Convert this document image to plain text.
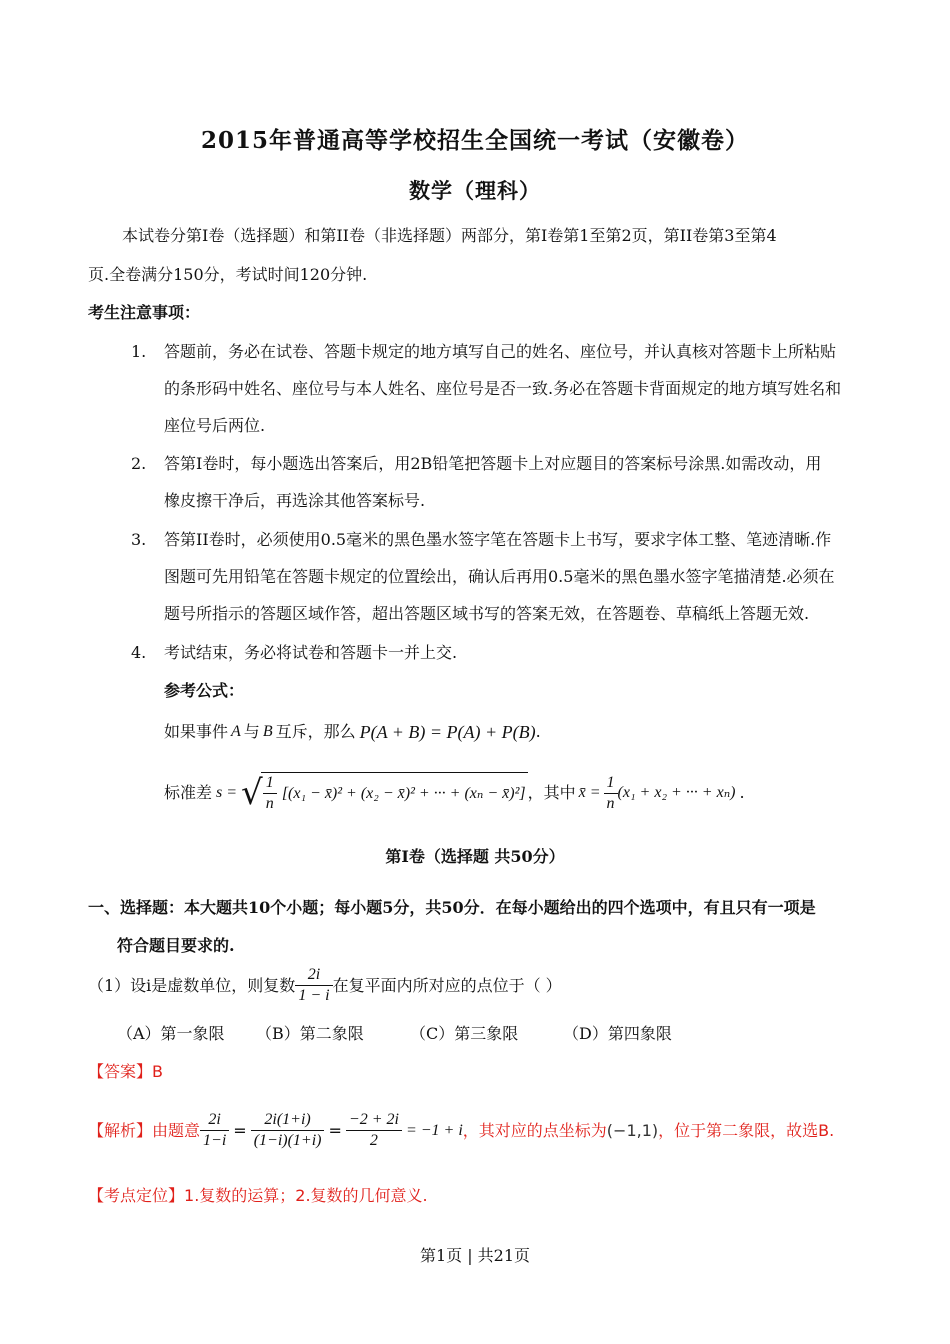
2015年普通高等学校招生全国统一考试（安徽卷）
数学（理科）
本试卷分第I卷（选择题）和第II卷（非选择题）两部分，第I卷第1至第2页，第II卷第3至第4
页.全卷满分150分，考试时间120分钟.
考生注意事项：
1. 答题前，务必在试卷、答题卡规定的地方填写自己的姓名、座位号，并认真核对答题卡上所粘贴
的条形码中姓名、座位号与本人姓名、座位号是否一致.务必在答题卡背面规定的地方填写姓名和
座位号后两位.
2. 答第I卷时，每小题选出答案后，用2B铅笔把答题卡上对应题目的答案标号涂黑.如需改动，用
橡皮擦干净后，再选涂其他答案标号.
3. 答第II卷时，必须使用0.5毫米的黑色墨水签字笔在答题卡上书写，要求字体工整、笔迹清晰.作
图题可先用铅笔在答题卡规定的位置绘出，确认后再用0.5毫米的黑色墨水签字笔描清楚.必须在
题号所指示的答题区域作答，超出答题区域书写的答案无效，在答题卷、草稿纸上答题无效.
4. 考试结束，务必将试卷和答题卡一并上交.
参考公式：
如果事件 A 与 B 互斥，那么 P(A + B) = P(A) + P(B) .
标准差 s = √ $\frac{1}{n} [(x_1$ − x̄)² + (x₂ − x̄)² + ··· + (xₙ − x̄)²] ，其中 x̄ = $\frac{1}{n} (x_1 + x_2$ + ··· + xₙ) .
第I卷（选择题 共50分）
一、选择题：本大题共10个小题；每小题5分，共50分．在每小题给出的四个选项中，有且只有一项是
符合题目要求的.
（1）设i是虚数单位，则复数 $\frac{2i}{1 - i}$ 在复平面内所对应的点位于（ ）
（A）第一象限 （B）第二象限	（C）第三象限	（D）第四象限
【答案】 B
【解析】 由题意 $\frac{2i}{1-i} = \frac{2i(1+i)}{(1-i)(1+i)} = \frac{-2 + 2i}{2} = -1 + i$ ，其对应的点坐标为 (−1,1) ，位于第二象限，故选B.
【考点定位】 1.复数的运算；2.复数的几何意义.
第1页 | 共21页
